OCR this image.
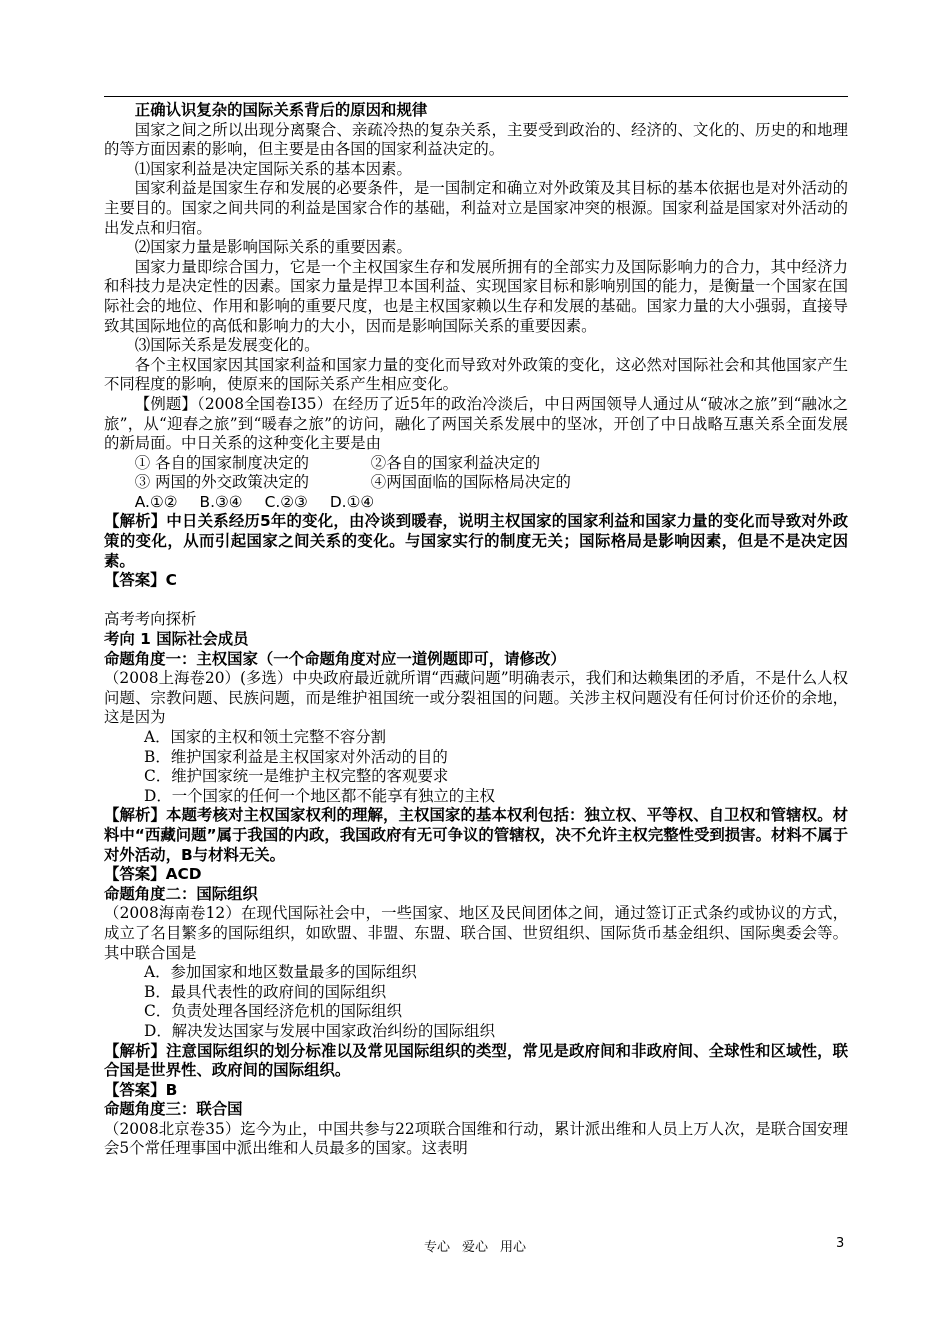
正确认识复杂的国际关系背后的原因和规律

国家之间之所以出现分离聚合、亲疏冷热的复杂关系，主要受到政治的、经济的、文化的、历史的和地理的等方面因素的影响，但主要是由各国的国家利益决定的。

⑴国家利益是决定国际关系的基本因素。

国家利益是国家生存和发展的必要条件，是一国制定和确立对外政策及其目标的基本依据也是对外活动的主要目的。国家之间共同的利益是国家合作的基础，利益对立是国家冲突的根源。国家利益是国家对外活动的出发点和归宿。

⑵国家力量是影响国际关系的重要因素。

国家力量即综合国力，它是一个主权国家生存和发展所拥有的全部实力及国际影响力的合力，其中经济力和科技力是决定性的因素。国家力量是捍卫本国利益、实现国家目标和影响别国的能力，是衡量一个国家在国际社会的地位、作用和影响的重要尺度，也是主权国家赖以生存和发展的基础。国家力量的大小强弱，直接导致其国际地位的高低和影响力的大小，因而是影响国际关系的重要因素。

⑶国际关系是发展变化的。

各个主权国家因其国家利益和国家力量的变化而导致对外政策的变化，这必然对国际社会和其他国家产生不同程度的影响，使原来的国际关系产生相应变化。

【例题】（2008全国卷Ⅰ35）在经历了近5年的政治冷淡后，中日两国领导人通过从“破冰之旅”到“融冰之旅”，从“迎春之旅”到“暖春之旅”的访问，融化了两国关系发展中的坚冰，开创了中日战略互惠关系全面发展的新局面。中日关系的这种变化主要是由

① 各自的国家制度决定的	②各自的国家利益决定的

③ 两国的外交政策决定的	④两国面临的国际格局决定的

A.①② B.③④ C.②③ D.①④

【解析】中日关系经历5年的变化，由冷谈到暖春，说明主权国家的国家利益和国家力量的变化而导致对外政策的变化，从而引起国家之间关系的变化。与国家实行的制度无关；国际格局是影响因素，但是不是决定因素。

【答案】C

高考考向探析

考向 1 国际社会成员

命题角度一：主权国家（一个命题角度对应一道例题即可，请修改）

（2008上海卷20）(多选）中央政府最近就所谓“西藏问题”明确表示，我们和达赖集团的矛盾，不是什么人权问题、宗教问题、民族问题，而是维护祖国统一或分裂祖国的问题。关涉主权问题没有任何讨价还价的余地，这是因为

A．国家的主权和领土完整不容分割

B．维护国家利益是主权国家对外活动的目的

C．维护国家统一是维护主权完整的客观要求

D．一个国家的任何一个地区都不能享有独立的主权

【解析】本题考核对主权国家权利的理解，主权国家的基本权利包括：独立权、平等权、自卫权和管辖权。材料中“西藏问题”属于我国的内政，我国政府有无可争议的管辖权，决不允许主权完整性受到损害。材料不属于对外活动，B与材料无关。

【答案】ACD

命题角度二：国际组织

（2008海南卷12）在现代国际社会中，一些国家、地区及民间团体之间，通过签订正式条约或协议的方式，成立了名目繁多的国际组织，如欧盟、非盟、东盟、联合国、世贸组织、国际货币基金组织、国际奥委会等。其中联合国是

A．参加国家和地区数量最多的国际组织

B．最具代表性的政府间的国际组织

C．负责处理各国经济危机的国际组织

D．解决发达国家与发展中国家政治纠纷的国际组织

【解析】注意国际组织的划分标准以及常见国际组织的类型，常见是政府间和非政府间、全球性和区域性，联合国是世界性、政府间的国际组织。

【答案】B

命题角度三：联合国

（2008北京卷35）迄今为止，中国共参与22项联合国维和行动，累计派出维和人员上万人次，是联合国安理会5个常任理事国中派出维和人员最多的国家。这表明

专心 爱心 用心	3
